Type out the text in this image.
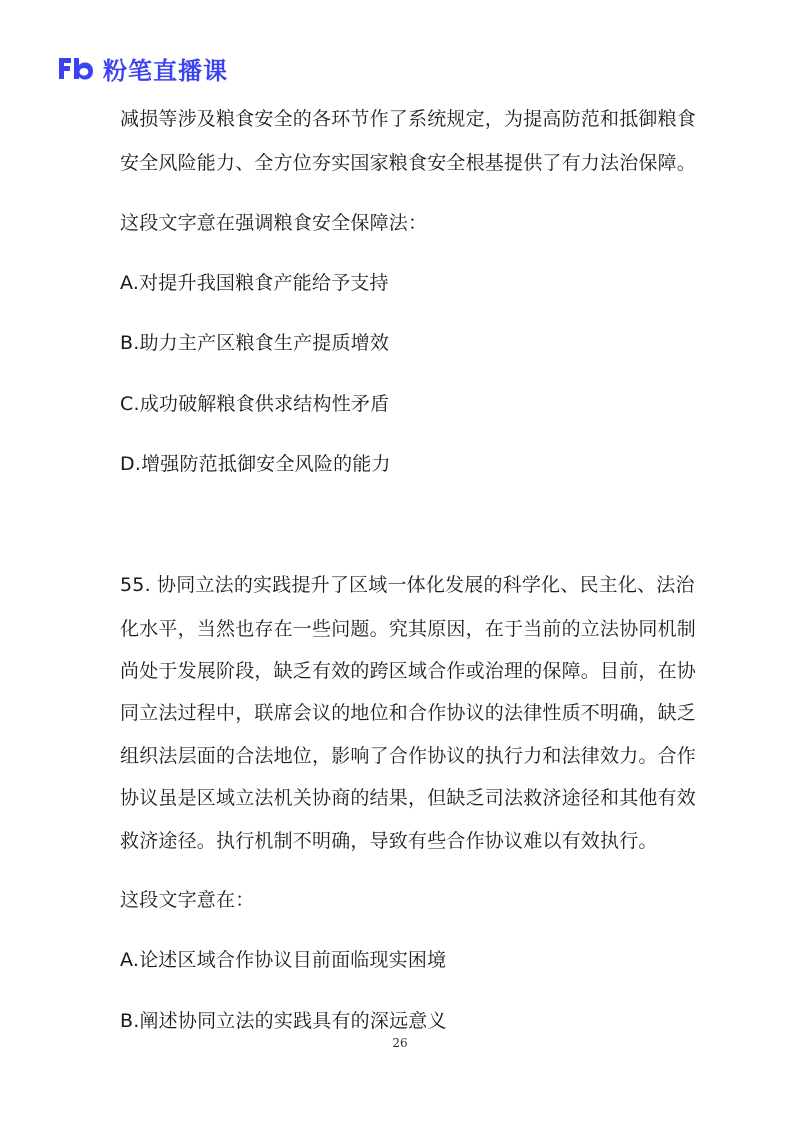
粉笔直播课

减损等涉及粮食安全的各环节作了系统规定，为提高防范和抵御粮食

安全风险能力、全方位夯实国家粮食安全根基提供了有力法治保障。

这段文字意在强调粮食安全保障法：

A.对提升我国粮食产能给予支持

B.助力主产区粮食生产提质增效

C.成功破解粮食供求结构性矛盾

D.增强防范抵御安全风险的能力

55. 协同立法的实践提升了区域一体化发展的科学化、民主化、法治

化水平，当然也存在一些问题。究其原因，在于当前的立法协同机制

尚处于发展阶段，缺乏有效的跨区域合作或治理的保障。目前，在协

同立法过程中，联席会议的地位和合作协议的法律性质不明确，缺乏

组织法层面的合法地位，影响了合作协议的执行力和法律效力。合作

协议虽是区域立法机关协商的结果，但缺乏司法救济途径和其他有效

救济途径。执行机制不明确，导致有些合作协议难以有效执行。

这段文字意在：

A.论述区域合作协议目前面临现实困境

B.阐述协同立法的实践具有的深远意义

26
